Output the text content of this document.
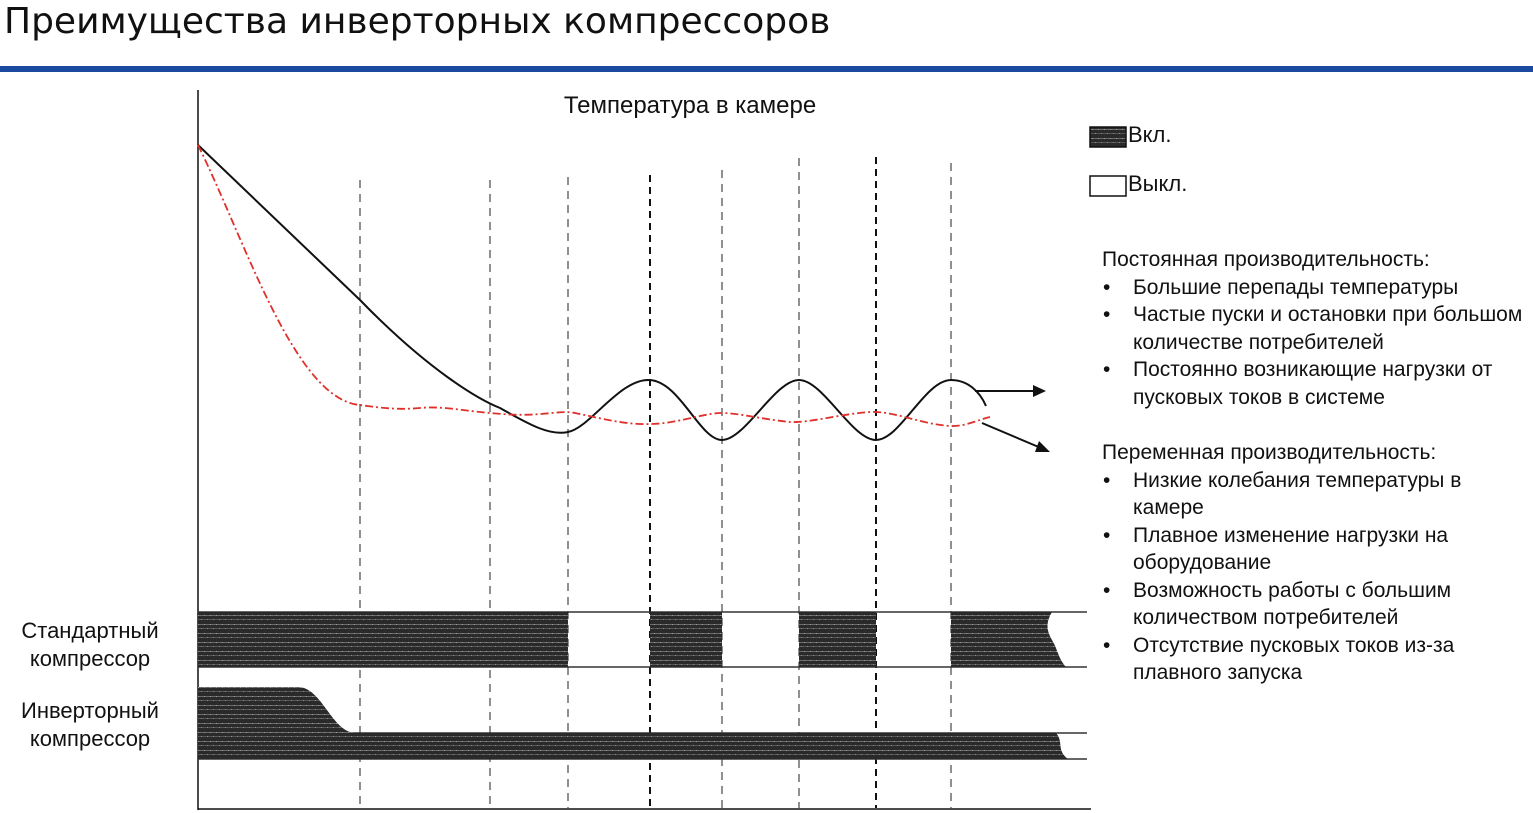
Преимущества инверторных компрессоров
Температура в камере
Вкл.
Выкл.
Стандартный
компрессор
Инверторный
компрессор
Постоянная производительность:
• Большие перепады температуры
• Частые пуски и остановки при большом количестве потребителей
• Постоянно возникающие нагрузки от пусковых токов в системе
Переменная производительность:
• Низкие колебания температуры в камере
• Плавное изменение нагрузки на оборудование
• Возможность работы с большим количеством потребителей
• Отсутствие пусковых токов из-за плавного запуска
